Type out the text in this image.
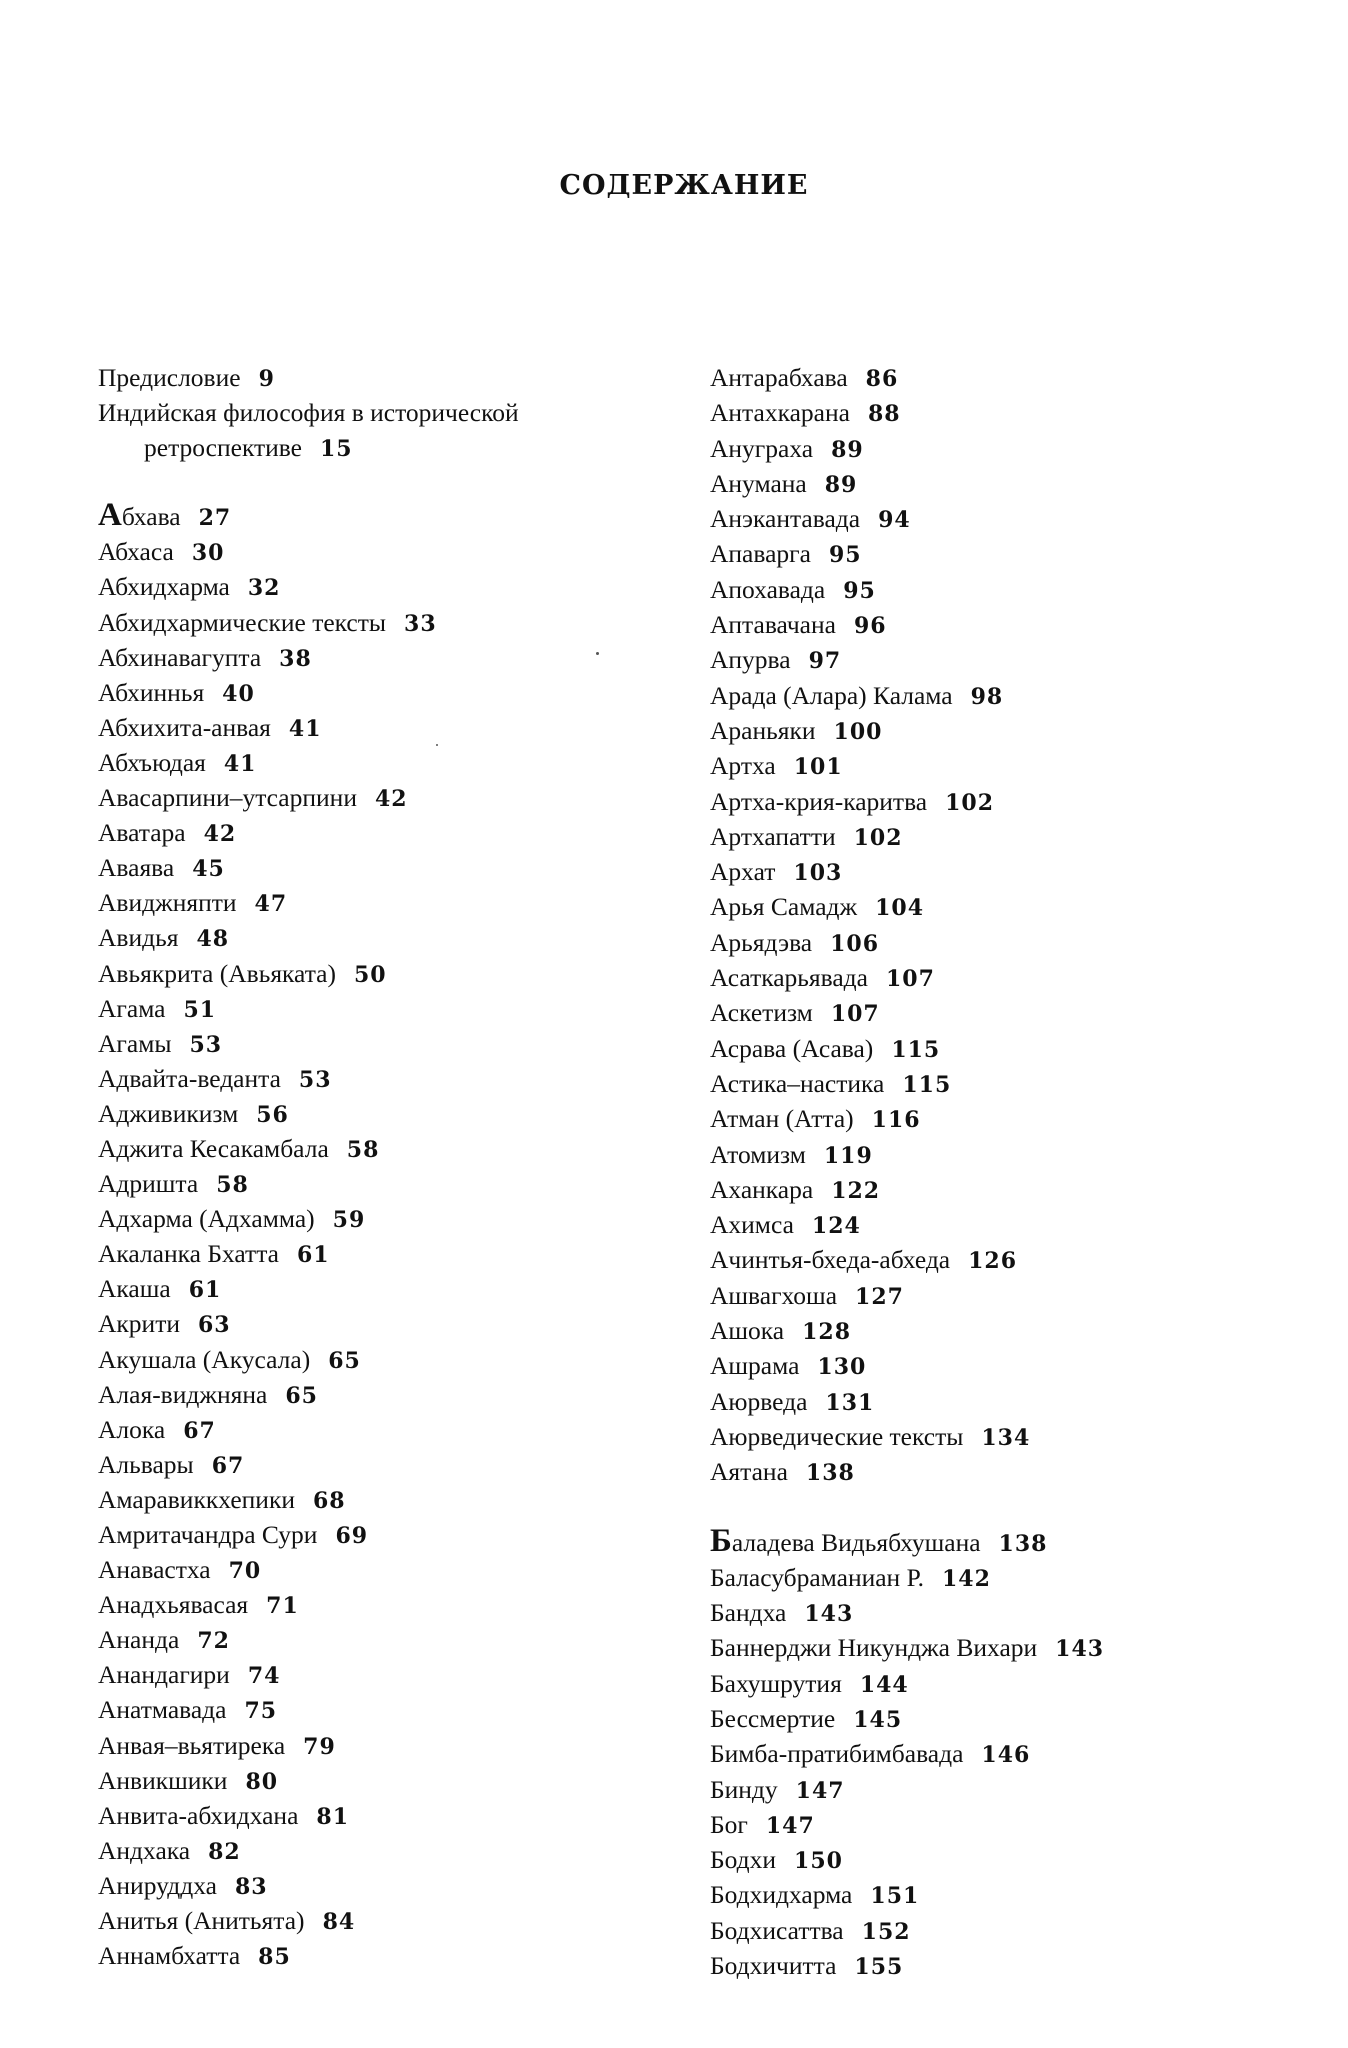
СОДЕРЖАНИЕ
Предисловие 9
Индийская философия в исторической
ретроспективе 15
Абхава 27
Абхаса 30
Абхидхарма 32
Абхидхармические тексты 33
Абхинавагупта 38
Абхиннья 40
Абхихита-анвая 41
Абхъюдая 41
Авасарпини–утсарпини 42
Аватара 42
Аваява 45
Авиджняпти 47
Авидья 48
Авьякрита (Авьяката) 50
Агама 51
Агамы 53
Адвайта-веданта 53
Адживикизм 56
Аджита Кесакамбала 58
Адришта 58
Адхарма (Адхамма) 59
Акаланка Бхатта 61
Акаша 61
Акрити 63
Акушала (Акусала) 65
Алая-виджняна 65
Алока 67
Альвары 67
Амаравиккхепики 68
Амритачандра Сури 69
Анавастха 70
Анадхьявасая 71
Ананда 72
Анандагири 74
Анатмавада 75
Анвая–вьятирека 79
Анвикшики 80
Анвита-абхидхана 81
Андхака 82
Анируддха 83
Анитья (Анитьята) 84
Аннамбхатта 85
Антарабхава 86
Антахкарана 88
Ануграха 89
Анумана 89
Анэкантавада 94
Апаварга 95
Апохавада 95
Аптавачана 96
Апурва 97
Арада (Алара) Калама 98
Араньяки 100
Артха 101
Артха-крия-каритва 102
Артхапатти 102
Архат 103
Арья Самадж 104
Арьядэва 106
Асаткарьявада 107
Аскетизм 107
Асрава (Асава) 115
Астика–настика 115
Атман (Атта) 116
Атомизм 119
Аханкара 122
Ахимса 124
Ачинтья-бхеда-абхеда 126
Ашвагхоша 127
Ашока 128
Ашрама 130
Аюрведа 131
Аюрведические тексты 134
Аятана 138
Баладева Видьябхушана 138
Баласубраманиан Р. 142
Бандха 143
Баннерджи Никунджа Вихари 143
Бахушрутия 144
Бессмертие 145
Бимба-пратибимбавада 146
Бинду 147
Бог 147
Бодхи 150
Бодхидхарма 151
Бодхисаттва 152
Бодхичитта 155
